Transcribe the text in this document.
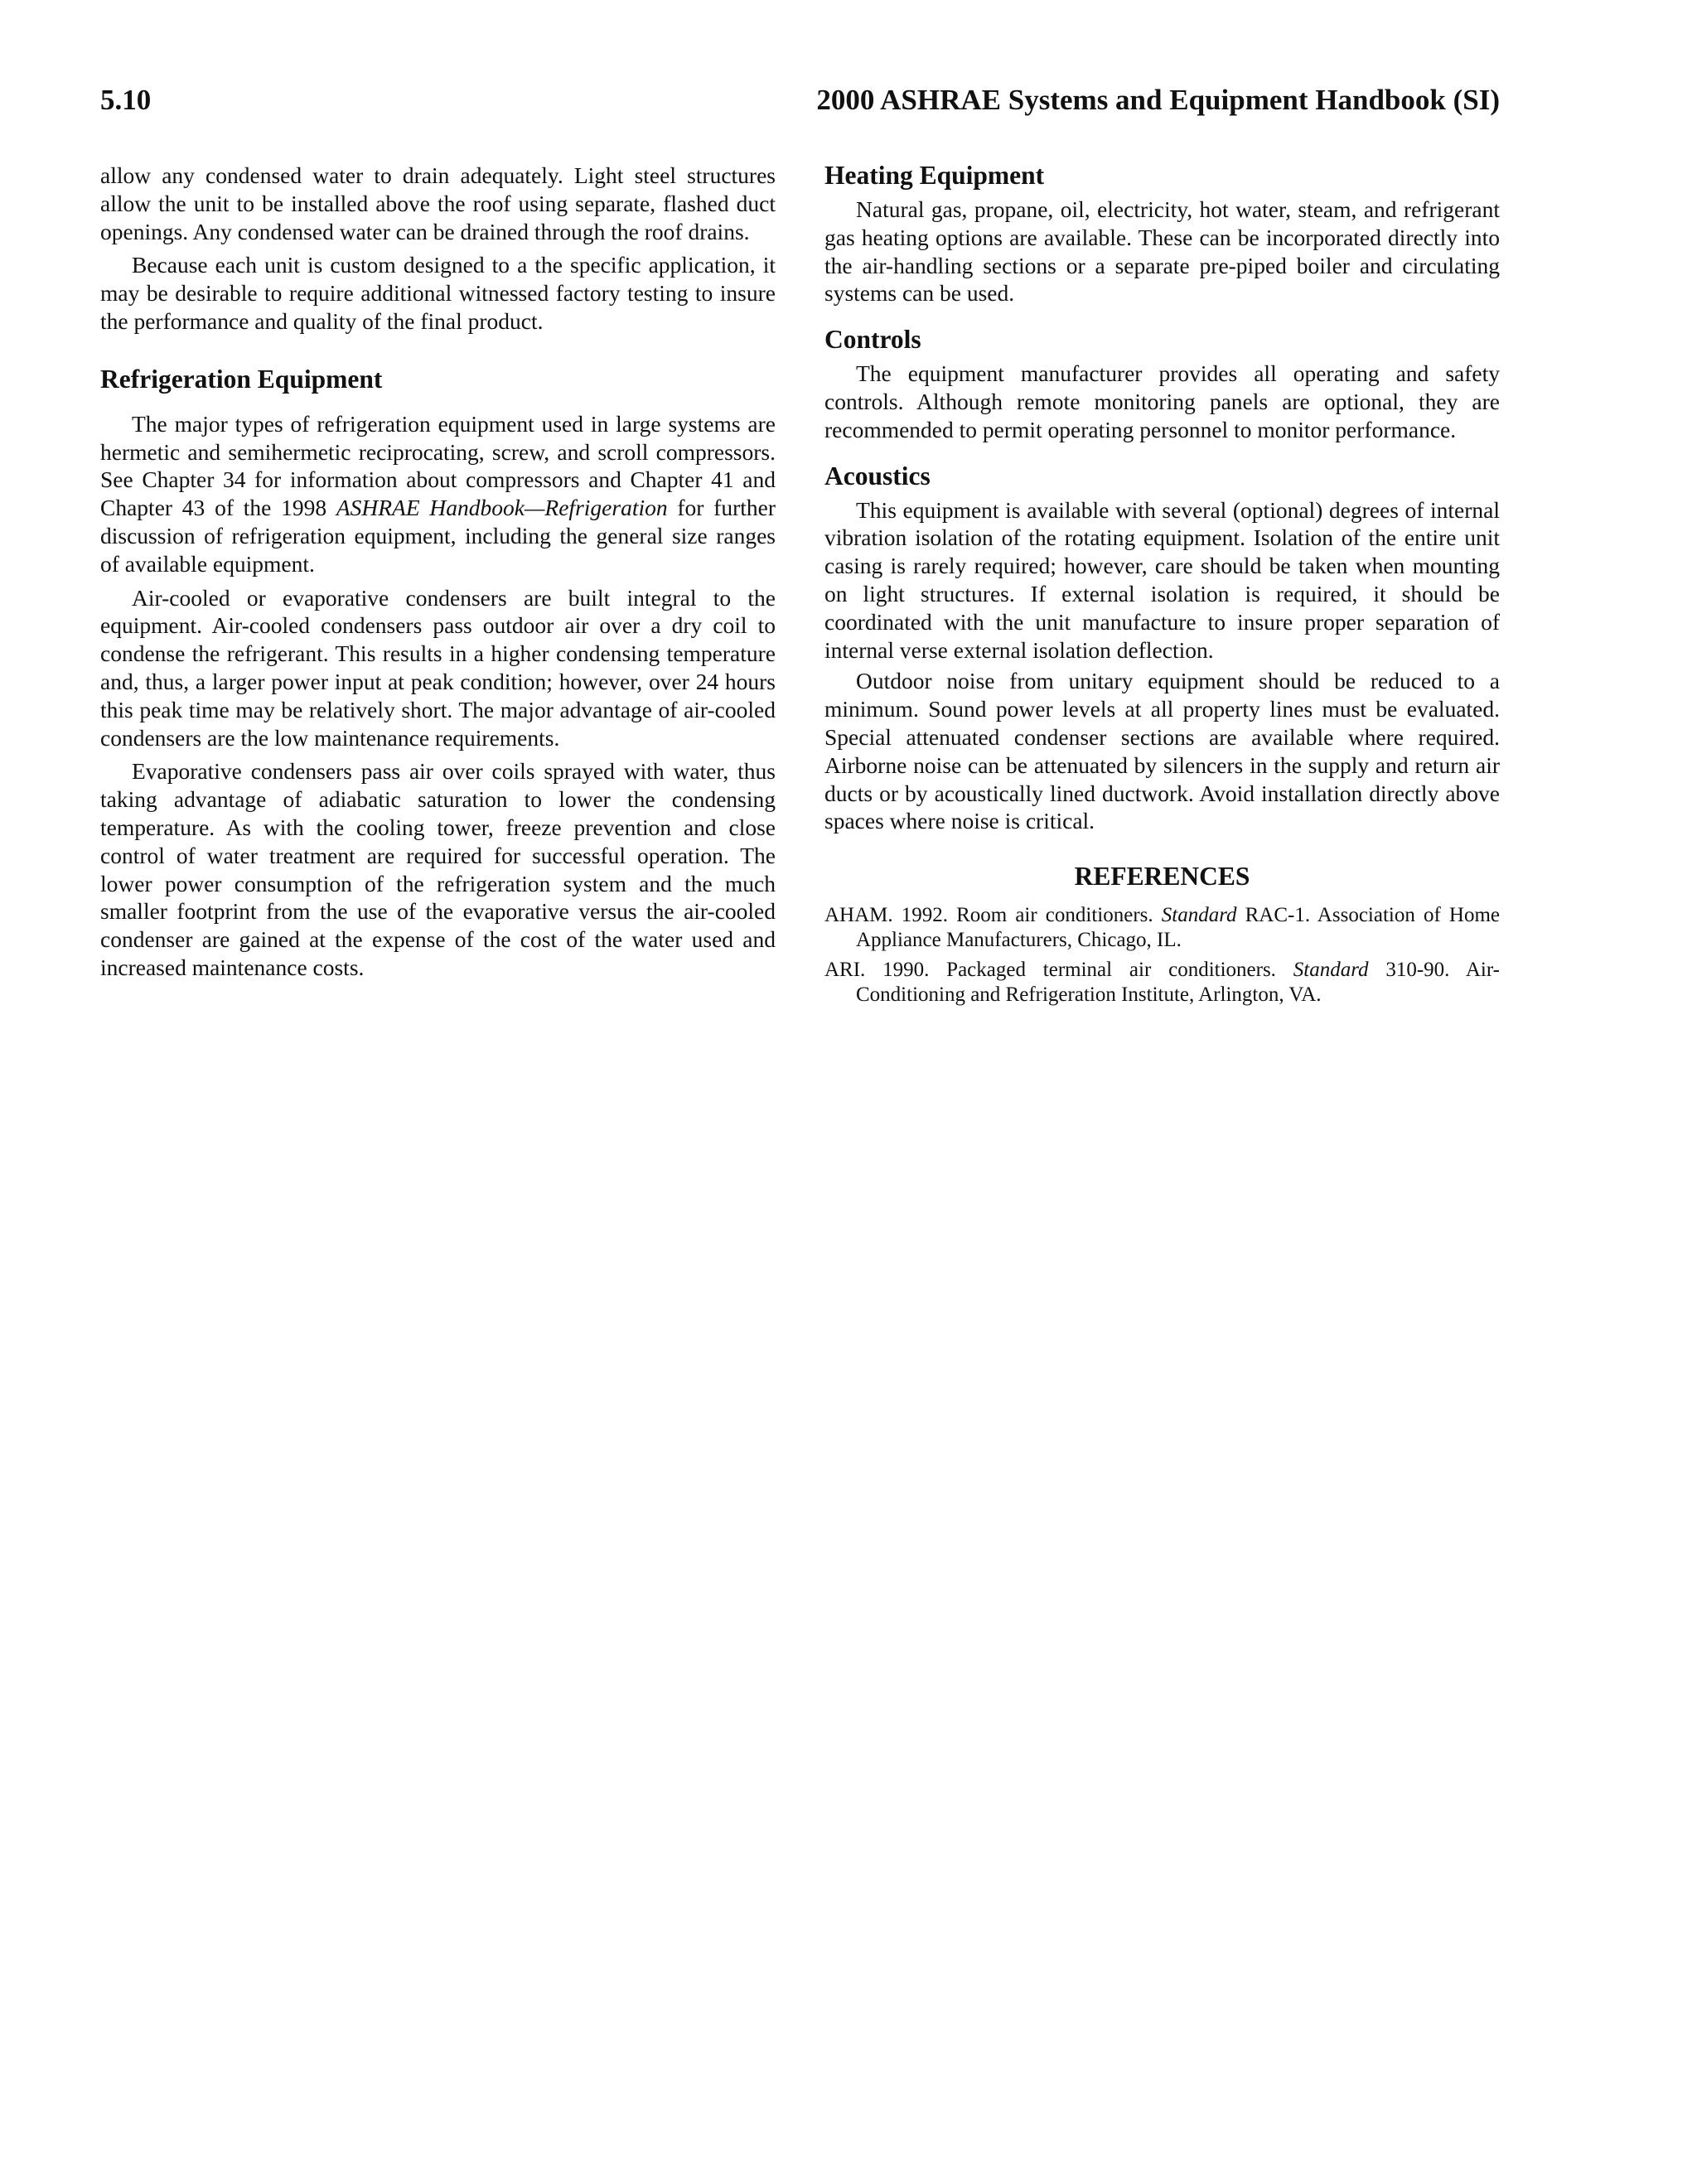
5.10	2000 ASHRAE Systems and Equipment Handbook (SI)

allow any condensed water to drain adequately. Light steel structures allow the unit to be installed above the roof using separate, flashed duct openings. Any condensed water can be drained through the roof drains.

Because each unit is custom designed to a the specific application, it may be desirable to require additional witnessed factory testing to insure the performance and quality of the final product.

Refrigeration Equipment

The major types of refrigeration equipment used in large systems are hermetic and semihermetic reciprocating, screw, and scroll compressors. See Chapter 34 for information about compressors and Chapter 41 and Chapter 43 of the 1998 ASHRAE Handbook—Refrigeration for further discussion of refrigeration equipment, including the general size ranges of available equipment.

Air-cooled or evaporative condensers are built integral to the equipment. Air-cooled condensers pass outdoor air over a dry coil to condense the refrigerant. This results in a higher condensing temperature and, thus, a larger power input at peak condition; however, over 24 hours this peak time may be relatively short. The major advantage of air-cooled condensers are the low maintenance requirements.

Evaporative condensers pass air over coils sprayed with water, thus taking advantage of adiabatic saturation to lower the condensing temperature. As with the cooling tower, freeze prevention and close control of water treatment are required for successful operation. The lower power consumption of the refrigeration system and the much smaller footprint from the use of the evaporative versus the air-cooled condenser are gained at the expense of the cost of the water used and increased maintenance costs.

Heating Equipment

Natural gas, propane, oil, electricity, hot water, steam, and refrigerant gas heating options are available. These can be incorporated directly into the air-handling sections or a separate pre-piped boiler and circulating systems can be used.

Controls

The equipment manufacturer provides all operating and safety controls. Although remote monitoring panels are optional, they are recommended to permit operating personnel to monitor performance.

Acoustics

This equipment is available with several (optional) degrees of internal vibration isolation of the rotating equipment. Isolation of the entire unit casing is rarely required; however, care should be taken when mounting on light structures. If external isolation is required, it should be coordinated with the unit manufacture to insure proper separation of internal verse external isolation deflection.

Outdoor noise from unitary equipment should be reduced to a minimum. Sound power levels at all property lines must be evaluated. Special attenuated condenser sections are available where required. Airborne noise can be attenuated by silencers in the supply and return air ducts or by acoustically lined ductwork. Avoid installation directly above spaces where noise is critical.

REFERENCES
AHAM. 1992. Room air conditioners. Standard RAC-1. Association of Home Appliance Manufacturers, Chicago, IL.
ARI. 1990. Packaged terminal air conditioners. Standard 310-90. Air-Conditioning and Refrigeration Institute, Arlington, VA.
